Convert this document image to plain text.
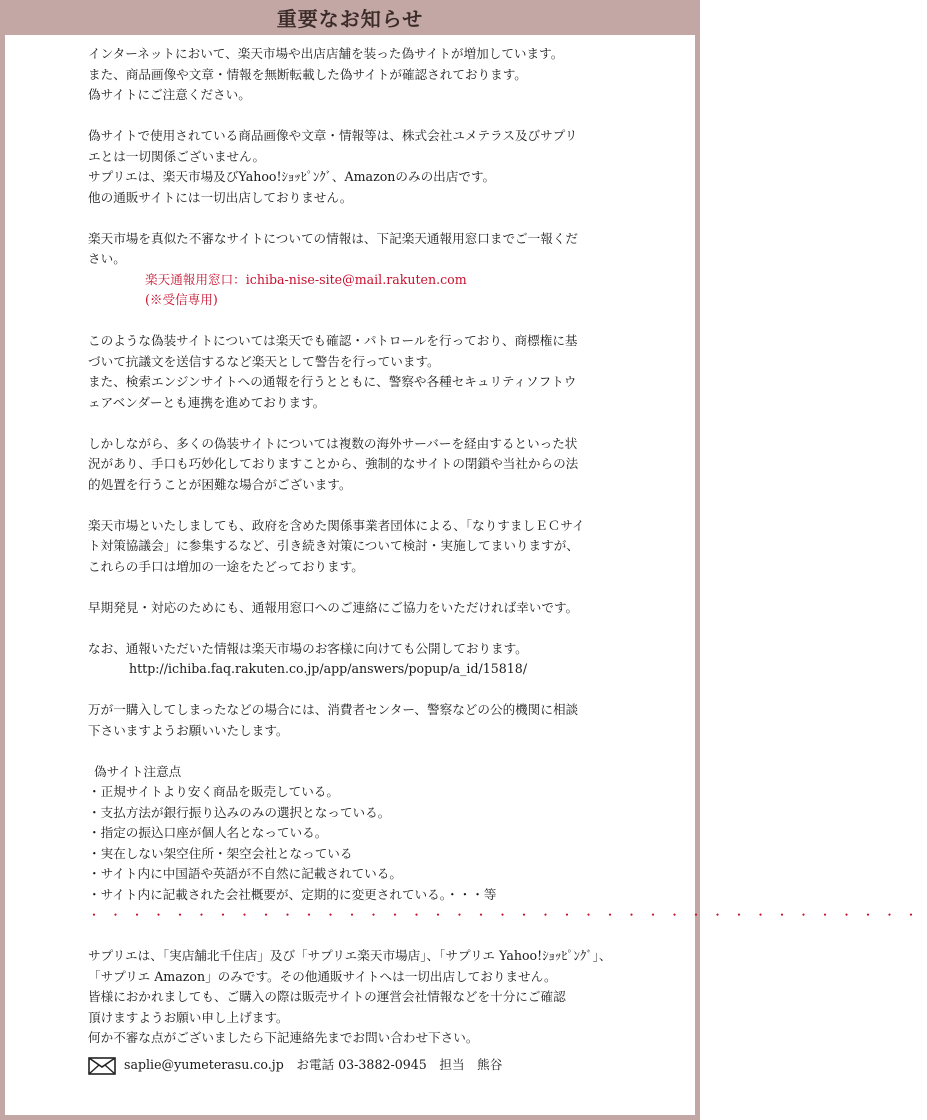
重要なお知らせ
インターネットにおいて、楽天市場や出店店舗を装った偽サイトが増加しています。
また、商品画像や文章・情報を無断転載した偽サイトが確認されております。
偽サイトにご注意ください。
偽サイトで使用されている商品画像や文章・情報等は、株式会社ユメテラス及びサプリ
エとは一切関係ございません。
サプリエは、楽天市場及びYahoo!ｼｮｯﾋﾟﾝｸﾞ、Amazonのみの出店です。
他の通販サイトには一切出店しておりません。
楽天市場を真似た不審なサイトについての情報は、下記楽天通報用窓口までご一報くだ
さい。
楽天通報用窓口：ichiba-nise-site@mail.rakuten.com
(※受信専用)
このような偽装サイトについては楽天でも確認・パトロールを行っており、商標権に基
づいて抗議文を送信するなど楽天として警告を行っています。
また、検索エンジンサイトへの通報を行うとともに、警察や各種セキュリティソフトウ
ェアベンダーとも連携を進めております。
しかしながら、多くの偽装サイトについては複数の海外サーバーを経由するといった状
況があり、手口も巧妙化しておりますことから、強制的なサイトの閉鎖や当社からの法
的処置を行うことが困難な場合がございます。
楽天市場といたしましても、政府を含めた関係事業者団体による、「なりすましＥＣサイ
ト対策協議会」に参集するなど、引き続き対策について検討・実施してまいりますが、
これらの手口は増加の一途をたどっております。
早期発見・対応のためにも、通報用窓口へのご連絡にご協力をいただければ幸いです。
なお、通報いただいた情報は楽天市場のお客様に向けても公開しております。
http://ichiba.faq.rakuten.co.jp/app/answers/popup/a_id/15818/
万が一購入してしまったなどの場合には、消費者センター、警察などの公的機関に相談
下さいますようお願いいたします。
偽サイト注意点
・正規サイトより安く商品を販売している。
・支払方法が銀行振り込みのみの選択となっている。
・指定の振込口座が個人名となっている。
・実在しない架空住所・架空会社となっている
・サイト内に中国語や英語が不自然に記載されている。
・サイト内に記載された会社概要が、定期的に変更されている。・・・等
・・・・・・・・・・・・・・・・・・・・・・・・・・・・・・・・・・・・・・・
サプリエは、「実店舗北千住店」及び「サプリエ楽天市場店」、「サプリエ Yahoo!ｼｮｯﾋﾟﾝｸﾞ」、
「サプリエ Amazon」のみです。その他通販サイトへは一切出店しておりません。
皆様におかれましても、ご購入の際は販売サイトの運営会社情報などを十分にご確認
頂けますようお願い申し上げます。
何か不審な点がございましたら下記連絡先までお問い合わせ下さい。
saplie@yumeterasu.co.jp　お電話 03-3882-0945　担当　熊谷
